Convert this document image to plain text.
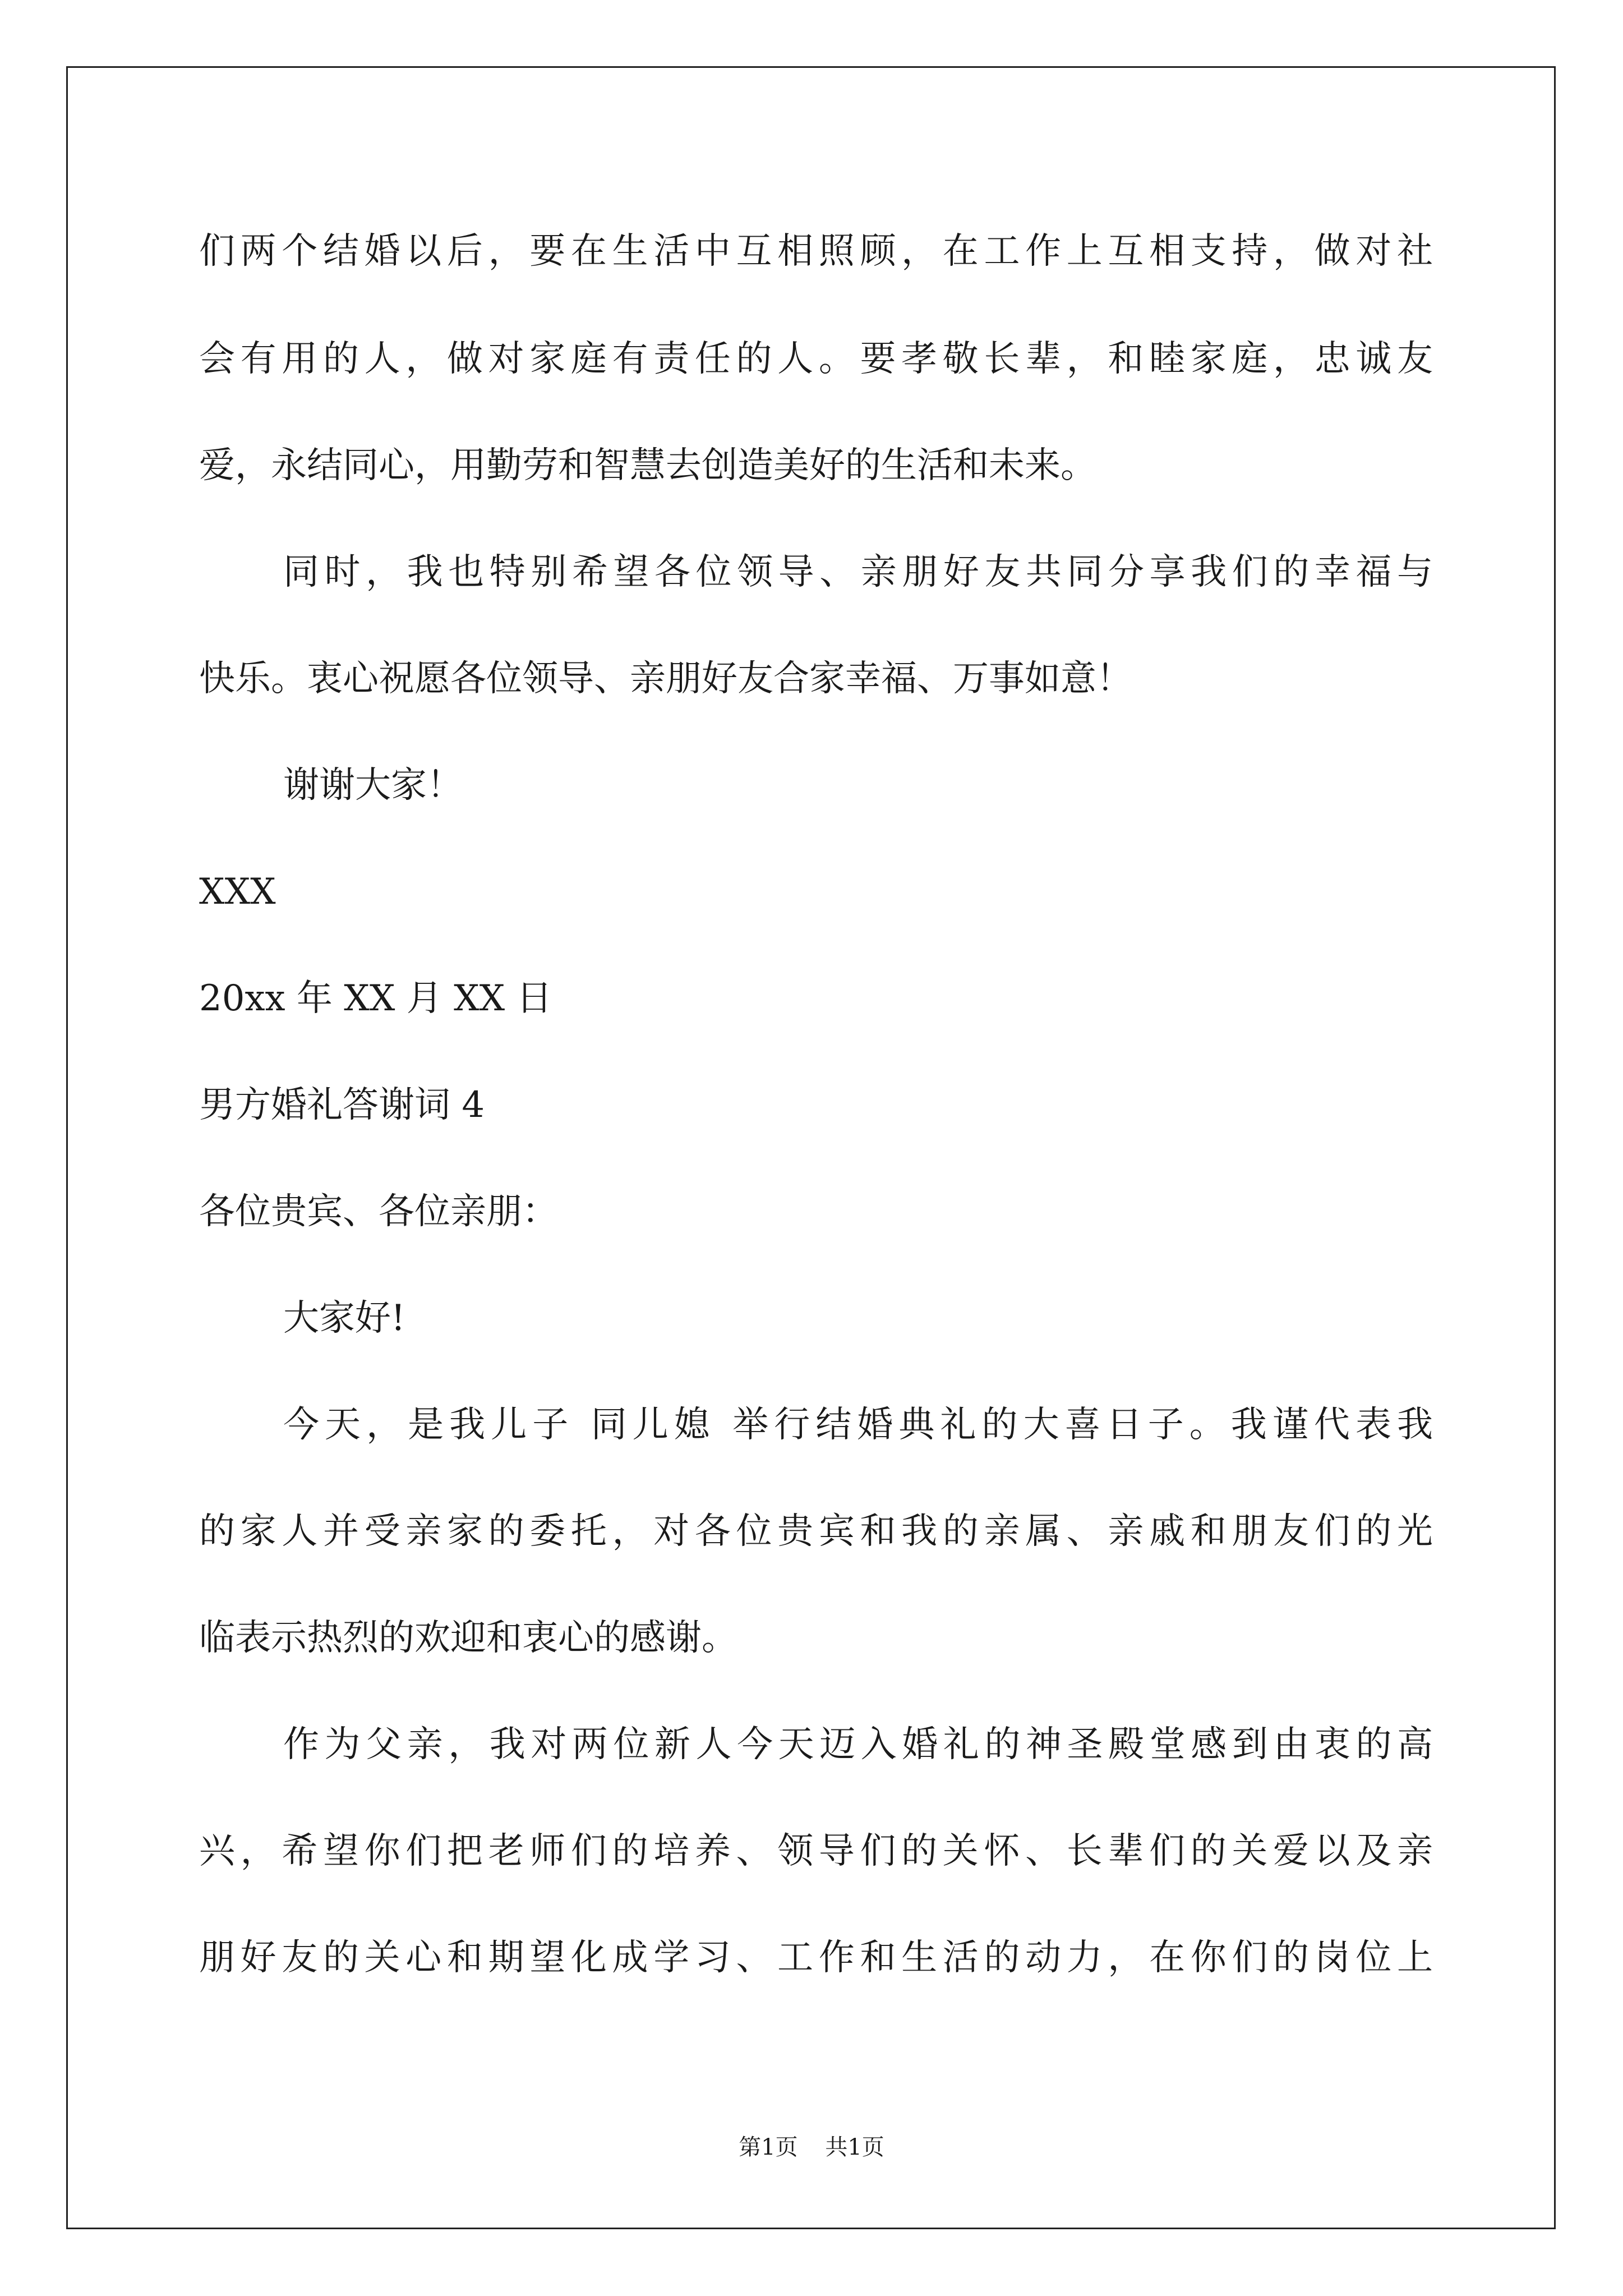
们两个结婚以后，要在生活中互相照顾，在工作上互相支持，做对社
会有用的人，做对家庭有责任的人。要孝敬长辈，和睦家庭，忠诚友
爱，永结同心，用勤劳和智慧去创造美好的生活和未来。
同时，我也特别希望各位领导、亲朋好友共同分享我们的幸福与
快乐。衷心祝愿各位领导、亲朋好友合家幸福、万事如意！
谢谢大家！
XXX
20xx 年 XX 月 XX 日
男方婚礼答谢词 4
各位贵宾、各位亲朋：
大家好!
今天，是我儿子 同儿媳 举行结婚典礼的大喜日子。我谨代表我
的家人并受亲家的委托，对各位贵宾和我的亲属、亲戚和朋友们的光
临表示热烈的欢迎和衷心的感谢。
作为父亲，我对两位新人今天迈入婚礼的神圣殿堂感到由衷的高
兴，希望你们把老师们的培养、领导们的关怀、长辈们的关爱以及亲
朋好友的关心和期望化成学习、工作和生活的动力，在你们的岗位上
第1页 共1页
